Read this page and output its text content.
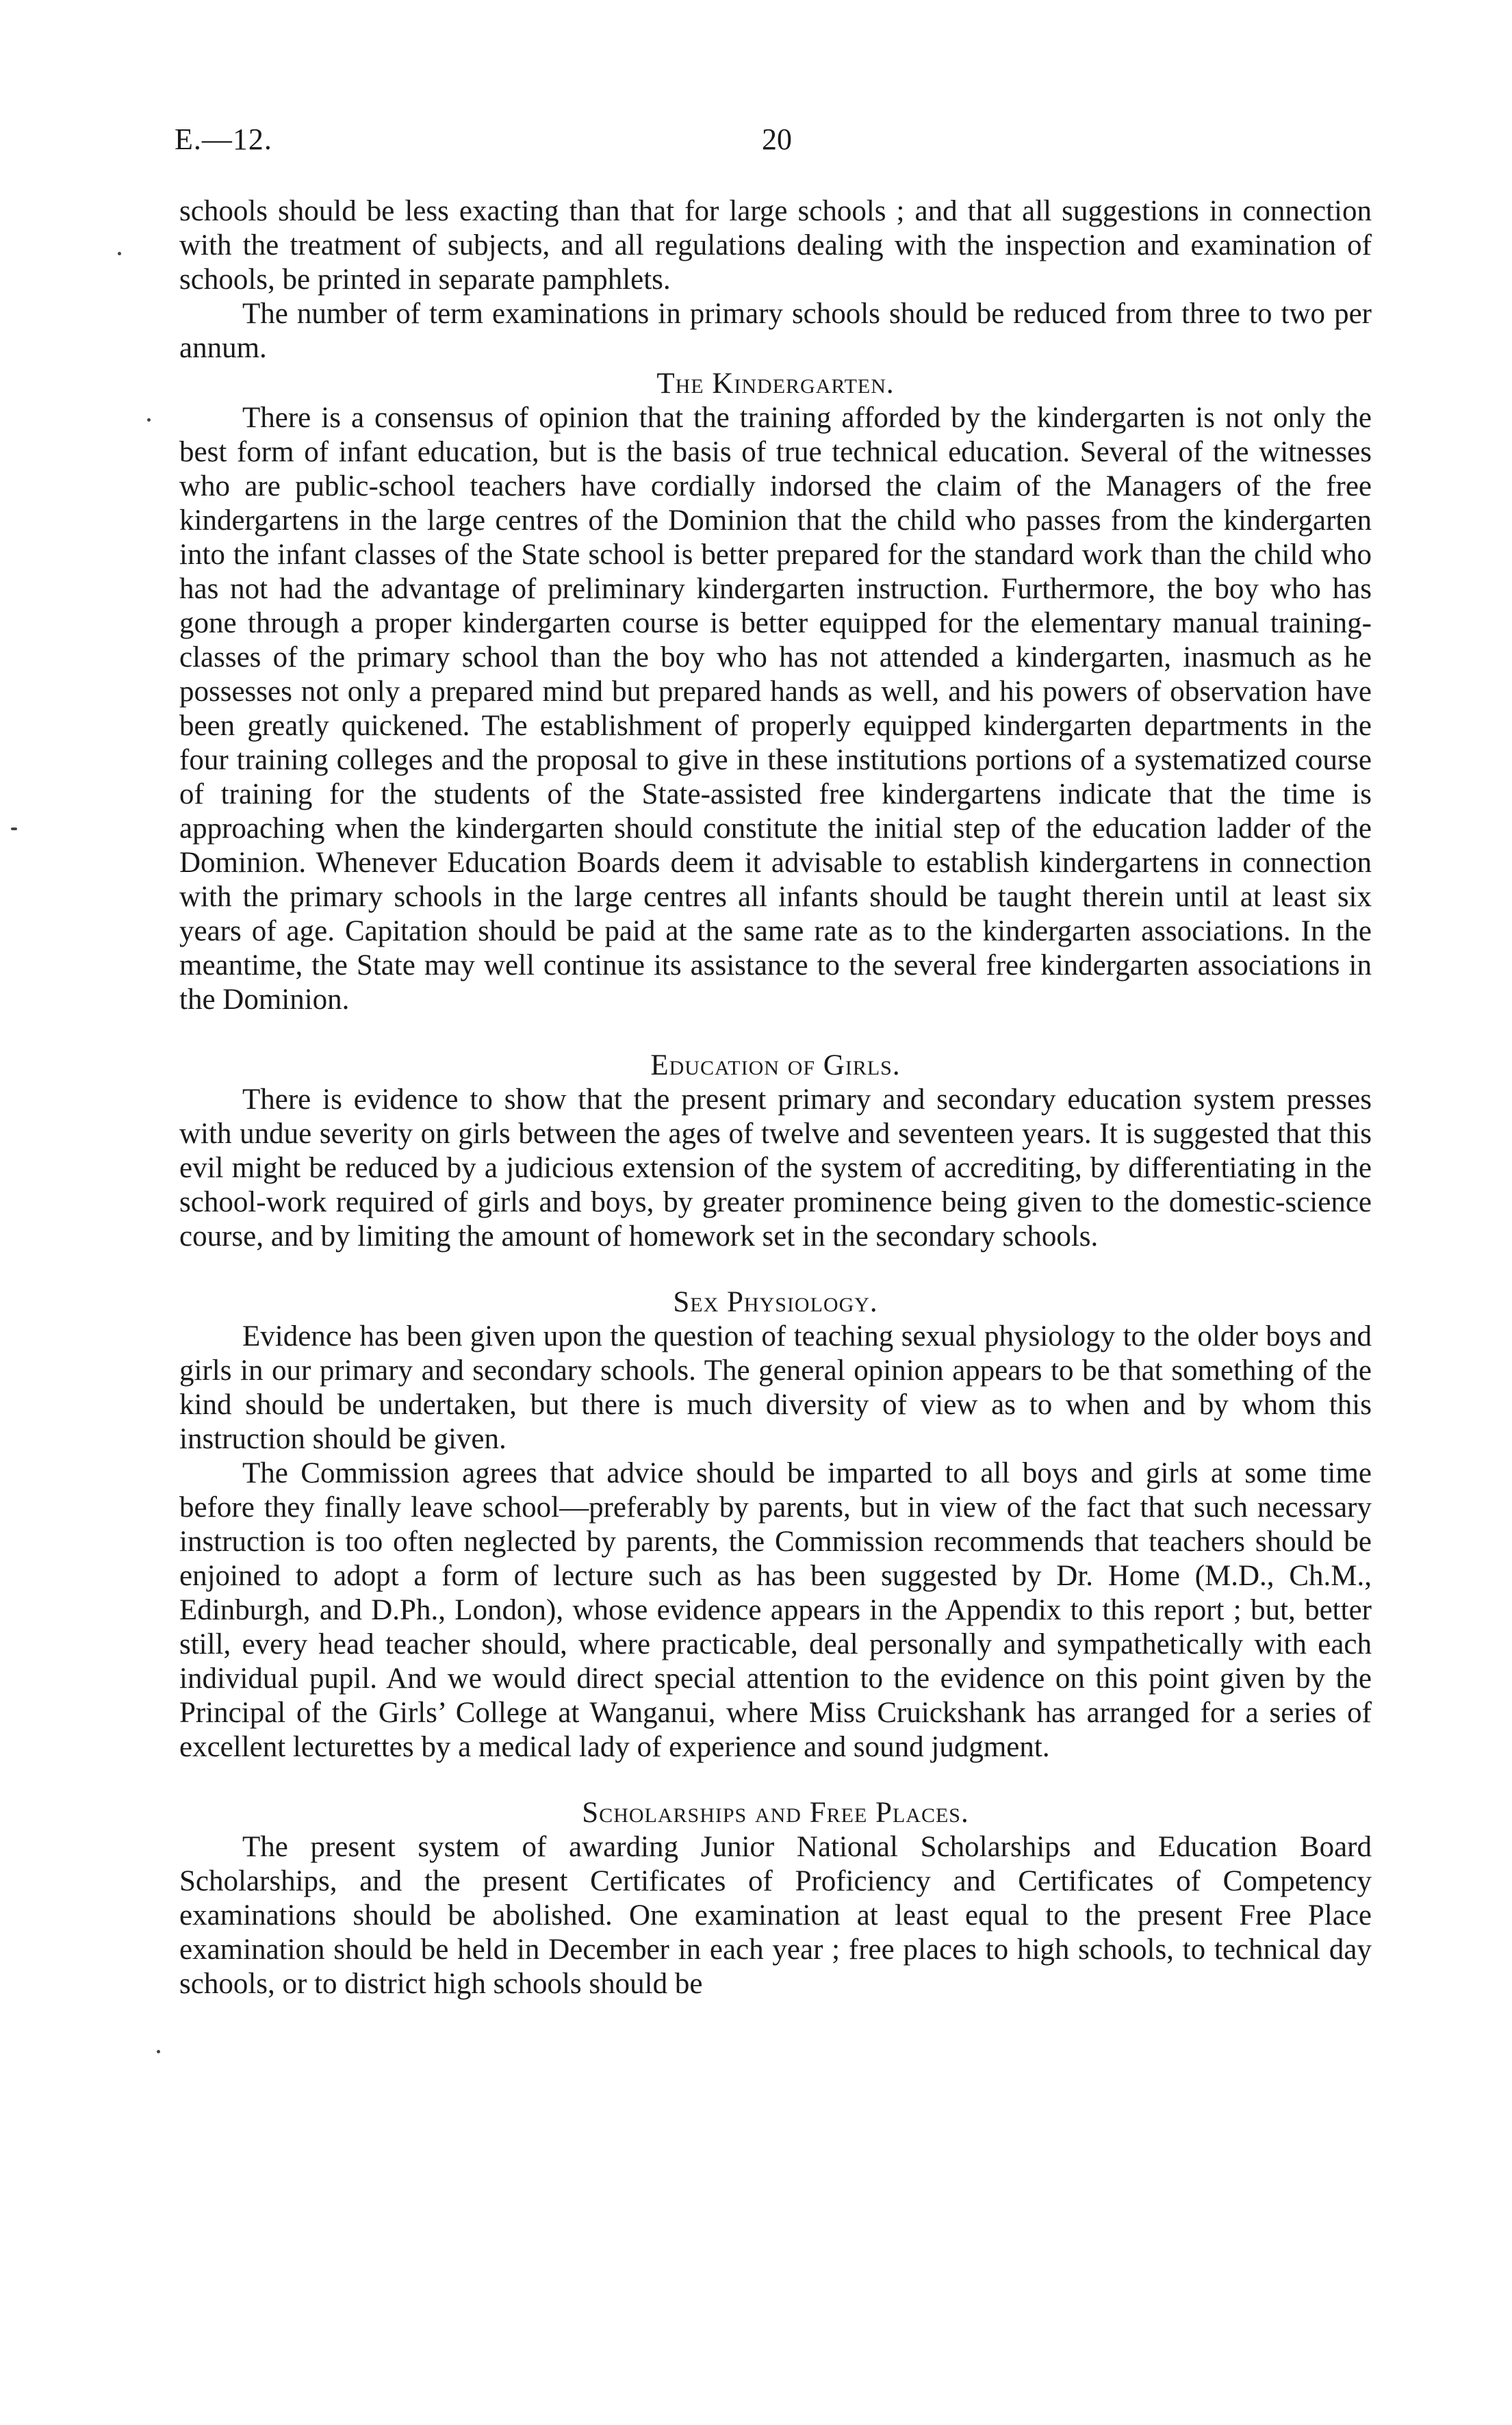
E.—12.	20

schools should be less exacting than that for large schools ; and that all suggestions in connection with the treatment of subjects, and all regulations dealing with the inspection and examination of schools, be printed in separate pamphlets.

The number of term examinations in primary schools should be reduced from three to two per annum.

The Kindergarten.

There is a consensus of opinion that the training afforded by the kindergarten is not only the best form of infant education, but is the basis of true technical education. Several of the witnesses who are public-school teachers have cordially indorsed the claim of the Managers of the free kindergartens in the large centres of the Dominion that the child who passes from the kindergarten into the infant classes of the State school is better prepared for the standard work than the child who has not had the advantage of preliminary kindergarten instruction. Furthermore, the boy who has gone through a proper kindergarten course is better equipped for the elementary manual training-classes of the primary school than the boy who has not attended a kindergarten, inasmuch as he possesses not only a prepared mind but prepared hands as well, and his powers of observation have been greatly quickened. The establishment of properly equipped kindergarten departments in the four training colleges and the proposal to give in these institutions portions of a systematized course of training for the students of the State-assisted free kindergartens indicate that the time is approaching when the kindergarten should constitute the initial step of the education ladder of the Dominion. Whenever Education Boards deem it advisable to establish kindergartens in connection with the primary schools in the large centres all infants should be taught therein until at least six years of age. Capitation should be paid at the same rate as to the kindergarten associations. In the meantime, the State may well continue its assistance to the several free kindergarten associations in the Dominion.

Education of Girls.

There is evidence to show that the present primary and secondary education system presses with undue severity on girls between the ages of twelve and seventeen years. It is suggested that this evil might be reduced by a judicious extension of the system of accrediting, by differentiating in the school-work required of girls and boys, by greater prominence being given to the domestic-science course, and by limiting the amount of homework set in the secondary schools.

Sex Physiology.

Evidence has been given upon the question of teaching sexual physiology to the older boys and girls in our primary and secondary schools. The general opinion appears to be that something of the kind should be undertaken, but there is much diversity of view as to when and by whom this instruction should be given.

The Commission agrees that advice should be imparted to all boys and girls at some time before they finally leave school—preferably by parents, but in view of the fact that such necessary instruction is too often neglected by parents, the Commission recommends that teachers should be enjoined to adopt a form of lecture such as has been suggested by Dr. Home (M.D., Ch.M., Edinburgh, and D.Ph., London), whose evidence appears in the Appendix to this report ; but, better still, every head teacher should, where practicable, deal personally and sympathetically with each individual pupil. And we would direct special attention to the evidence on this point given by the Principal of the Girls’ College at Wanganui, where Miss Cruickshank has arranged for a series of excellent lecturettes by a medical lady of experience and sound judgment.

Scholarships and Free Places.

The present system of awarding Junior National Scholarships and Education Board Scholarships, and the present Certificates of Proficiency and Certificates of Competency examinations should be abolished. One examination at least equal to the present Free Place examination should be held in December in each year ; free places to high schools, to technical day schools, or to district high schools should be
